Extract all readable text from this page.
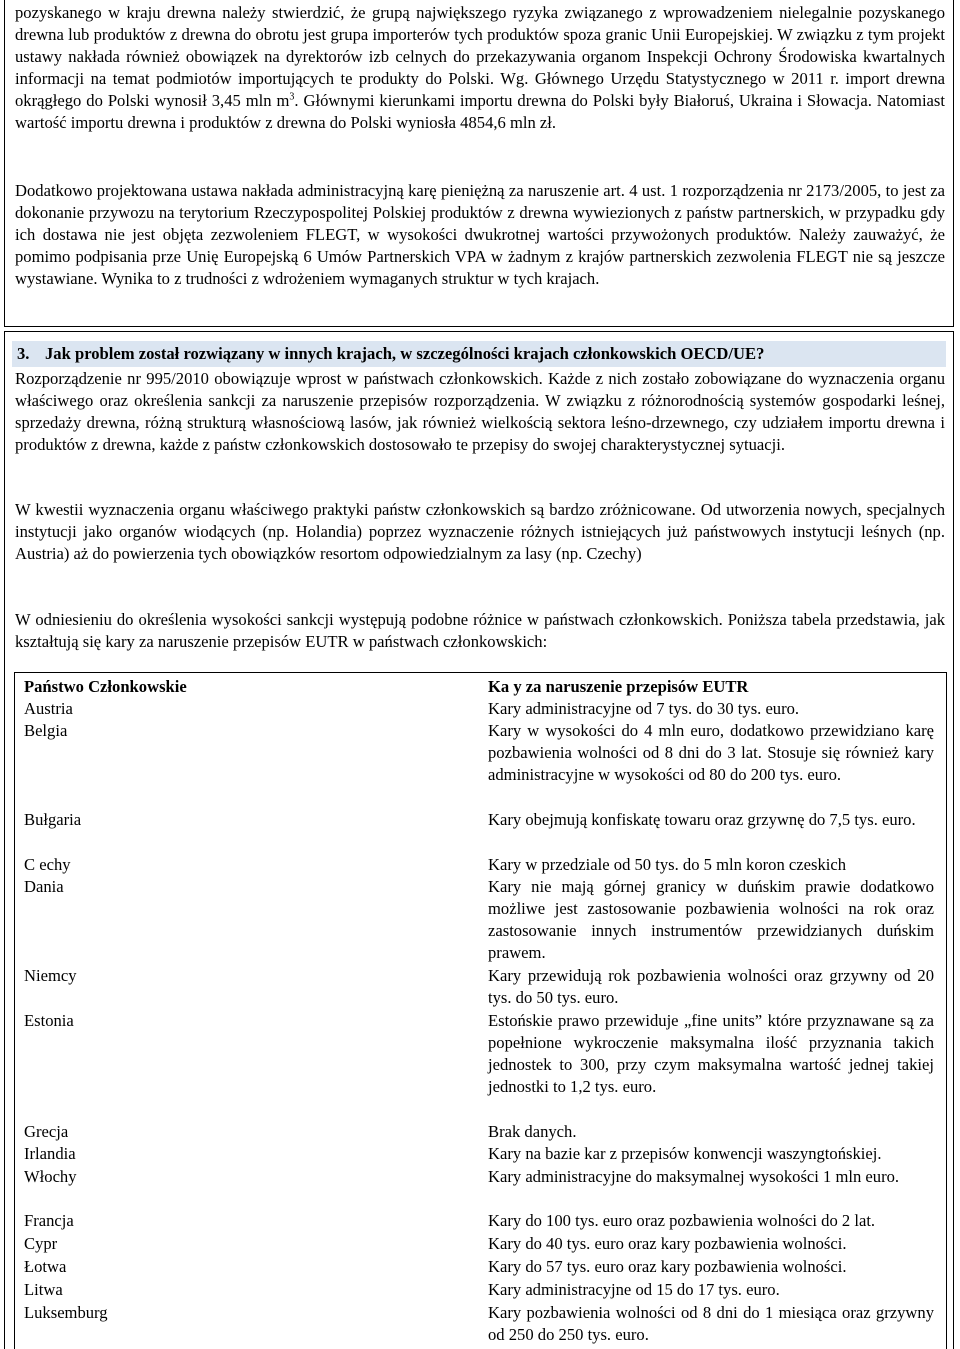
pozyskanego w kraju drewna należy stwierdzić, że grupą największego ryzyka związanego z wprowadzeniem nielegalnie pozyskanego drewna lub produktów z drewna do obrotu jest grupa importerów tych produktów spoza granic Unii Europejskiej. W związku z tym projekt ustawy nakłada również obowiązek na dyrektorów izb celnych do przekazywania organom Inspekcji Ochrony Środowiska kwartalnych informacji na temat podmiotów importujących te produkty do Polski. Wg. Głównego Urzędu Statystycznego w 2011 r. import drewna okrągłego do Polski wynosił 3,45 mln $m^3$. Głównymi kierunkami importu drewna do Polski były Białoruś, Ukraina i Słowacja. Natomiast wartość importu drewna i produktów z drewna do Polski wyniosła 4854,6 mln zł.

Dodatkowo projektowana ustawa nakłada administracyjną karę pieniężną za naruszenie art. 4 ust. 1 rozporządzenia nr 2173/2005, to jest za dokonanie przywozu na terytorium Rzeczypospolitej Polskiej produktów z drewna wywiezionych z państw partnerskich, w przypadku gdy ich dostawa nie jest objęta zezwoleniem FLEGT, w wysokości dwukrotnej wartości przywożonych produktów. Należy zauważyć, że pomimo podpisania prze Unię Europejską 6 Umów Partnerskich VPA w żadnym z krajów partnerskich zezwolenia FLEGT nie są jeszcze wystawiane. Wynika to z trudności z wdrożeniem wymaganych struktur w tych krajach.

3. Jak problem został rozwiązany w innych krajach, w szczególności krajach członkowskich OECD/UE?

Rozporządzenie nr 995/2010 obowiązuje wprost w państwach członkowskich. Każde z nich zostało zobowiązane do wyznaczenia organu właściwego oraz określenia sankcji za naruszenie przepisów rozporządzenia. W związku z różnorodnością systemów gospodarki leśnej, sprzedaży drewna, różną strukturą własnościową lasów, jak również wielkością sektora leśno-drzewnego, czy udziałem importu drewna i produktów z drewna, każde z państw członkowskich dostosowało te przepisy do swojej charakterystycznej sytuacji.

W kwestii wyznaczenia organu właściwego praktyki państw członkowskich są bardzo zróżnicowane. Od utworzenia nowych, specjalnych instytucji jako organów wiodących (np. Holandia) poprzez wyznaczenie różnych istniejących już państwowych instytucji leśnych (np. Austria) aż do powierzenia tych obowiązków resortom odpowiedzialnym za lasy (np. Czechy)

W odniesieniu do określenia wysokości sankcji występują podobne różnice w państwach członkowskich. Poniższa tabela przedstawia, jak kształtują się kary za naruszenie przepisów EUTR w państwach członkowskich:

Państwo Członkowskie	Ka y za naruszenie przepisów EUTR
Austria	Kary administracyjne od 7 tys. do 30 tys. euro.
Belgia	Kary w wysokości do 4 mln euro, dodatkowo przewidziano karę pozbawienia wolności od 8 dni do 3 lat. Stosuje się również kary administracyjne w wysokości od 80 do 200 tys. euro.
Bułgaria	Kary obejmują konfiskatę towaru oraz grzywnę do 7,5 tys. euro.
C echy	Kary w przedziale od 50 tys. do 5 mln koron czeskich
Dania	Kary nie mają górnej granicy w duńskim prawie dodatkowo możliwe jest zastosowanie pozbawienia wolności na rok oraz zastosowanie innych instrumentów przewidzianych duńskim prawem.
Niemcy	Kary przewidują rok pozbawienia wolności oraz grzywny od 20 tys. do 50 tys. euro.
Estonia	Estońskie prawo przewiduje „fine units” które przyznawane są za popełnione wykroczenie maksymalna ilość przyznania takich jednostek to 300, przy czym maksymalna wartość jednej takiej jednostki to 1,2 tys. euro.
Grecja	Brak danych.
Irlandia	Kary na bazie kar z przepisów konwencji waszyngtońskiej.
Włochy	Kary administracyjne do maksymalnej wysokości 1 mln euro.
Francja	Kary do 100 tys. euro oraz pozbawienia wolności do 2 lat.
Cypr	Kary do 40 tys. euro oraz kary pozbawienia wolności.
Łotwa	Kary do 57 tys. euro oraz kary pozbawienia wolności.
Litwa	Kary administracyjne od 15 do 17 tys. euro.
Luksemburg	Kary pozbawienia wolności od 8 dni do 1 miesiąca oraz grzywny od 250 do 250 tys. euro.
